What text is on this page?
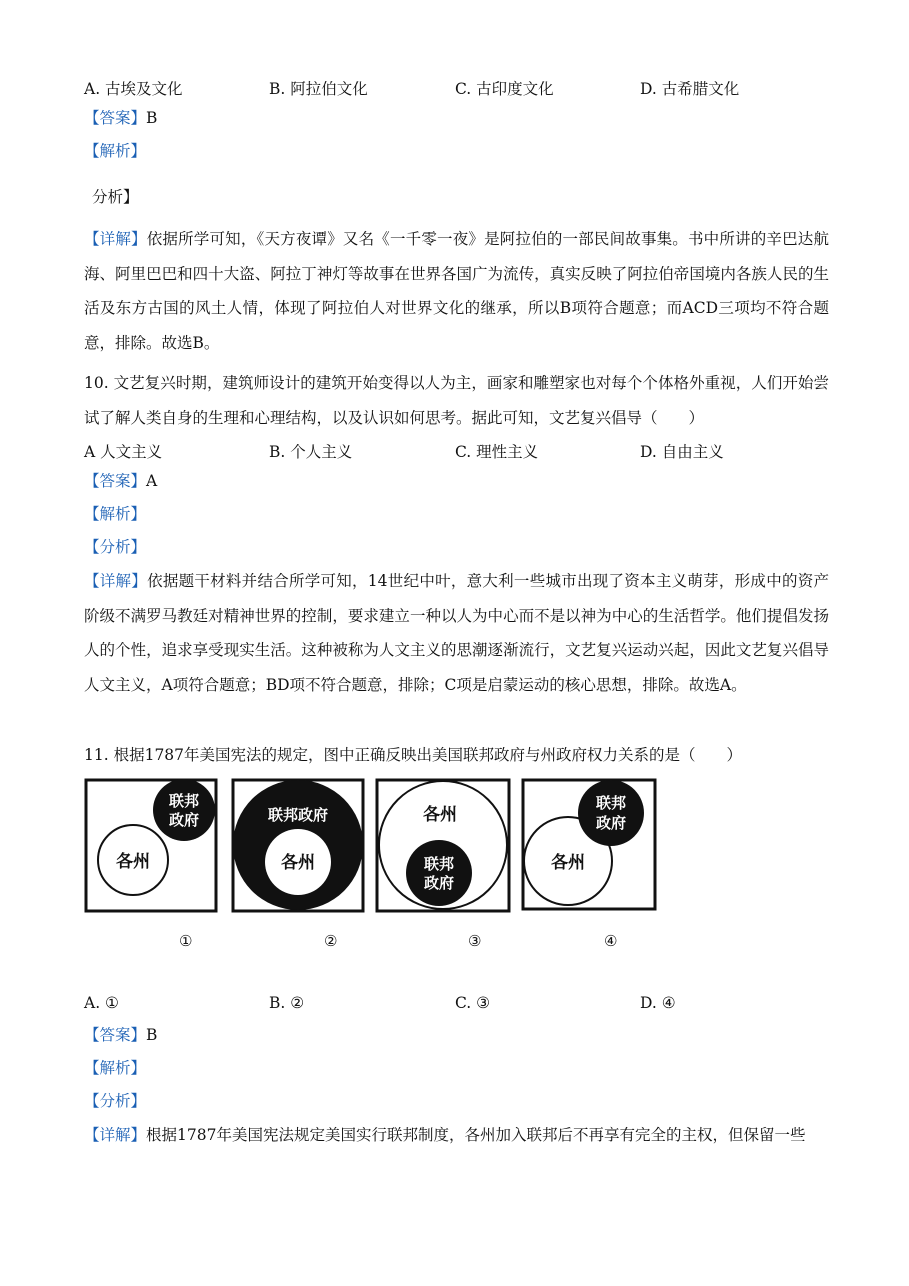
A. 古埃及文化	B. 阿拉伯文化	C. 古印度文化	D. 古希腊文化
【答案】B
【解析】
分析】
【详解】依据所学可知，《天方夜谭》又名《一千零一夜》是阿拉伯的一部民间故事集。书中所讲的辛巴达航海、阿里巴巴和四十大盗、阿拉丁神灯等故事在世界各国广为流传，真实反映了阿拉伯帝国境内各族人民的生活及东方古国的风土人情，体现了阿拉伯人对世界文化的继承，所以B项符合题意；而ACD三项均不符合题意，排除。故选B。
10. 文艺复兴时期，建筑师设计的建筑开始变得以人为主，画家和雕塑家也对每个个体格外重视，人们开始尝试了解人类自身的生理和心理结构，以及认识如何思考。据此可知，文艺复兴倡导（　　）
A 人文主义	B. 个人主义	C. 理性主义	D. 自由主义
【答案】A
【解析】
【分析】
【详解】依据题干材料并结合所学可知，14世纪中叶，意大利一些城市出现了资本主义萌芽，形成中的资产阶级不满罗马教廷对精神世界的控制，要求建立一种以人为中心而不是以神为中心的生活哲学。他们提倡发扬人的个性，追求享受现实生活。这种被称为人文主义的思潮逐渐流行，文艺复兴运动兴起，因此文艺复兴倡导人文主义，A项符合题意；BD项不符合题意，排除；C项是启蒙运动的核心思想，排除。故选A。
11. 根据1787年美国宪法的规定，图中正确反映出美国联邦政府与州政府权力关系的是（　　）
各州
联邦
政府	联邦政府
各州
各州
联邦
政府
各州
联邦
政府
①	②	③	④
A. ①	B. ②	C. ③	D. ④
【答案】B
【解析】
【分析】
【详解】根据1787年美国宪法规定美国实行联邦制度，各州加入联邦后不再享有完全的主权，但保留一些
